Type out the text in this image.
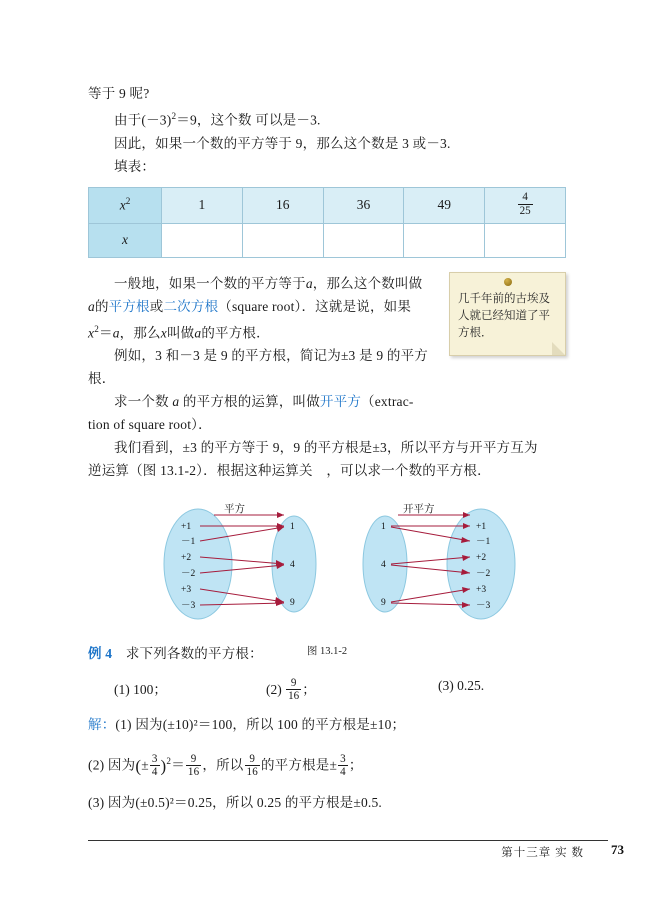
等于 9 呢?
由于$(-3)^2=9$，这个数 可以是－3.
因此，如果一个数的平方等于 9，那么这个数是 3 或－3.
填表：
$x^2$	1	16	36	49	$\frac{4}{25}$

x					
几千年前的古埃及人就已经知道了平方根．
一般地，如果一个数的平方等于a，那么这个数叫做
a的平方根或二次方根（square root）．这就是说，如果
$x^2=a$，那么x叫做a的平方根．
例如，3 和－3 是 9 的平方根，简记为±3 是 9 的平方根．
求一个数 a 的平方根的运算，叫做开平方（extrac-
tion of square root）．
我们看到，±3 的平方等于 9，9 的平方根是±3，所以平方与开平方互为
逆运算（图 13.1-2）．根据这种运算关　，可以求一个数的平方根．
平方
+1
－1
+2
－2
+3
－3
1
4
9
开平方
1
4
9
+1
－1
+2
－2
+3
－3
图 13.1-2
例 4 求下列各数的平方根：
(1) 100；	$(2) \frac{9}{16}$ ；	(3) 0.25.
解：(1) 因为(±10)²＝100，所以 100 的平方根是±10；
(2) 因为(± $\frac{3}{4} )^2= \frac{9}{16}$ ，所以 $\frac{9}{16}$ 的平方根是± $\frac{3}{4}$ ；
(3) 因为(±0.5)²＝0.25，所以 0.25 的平方根是±0.5.
第十三章 实 数 73
